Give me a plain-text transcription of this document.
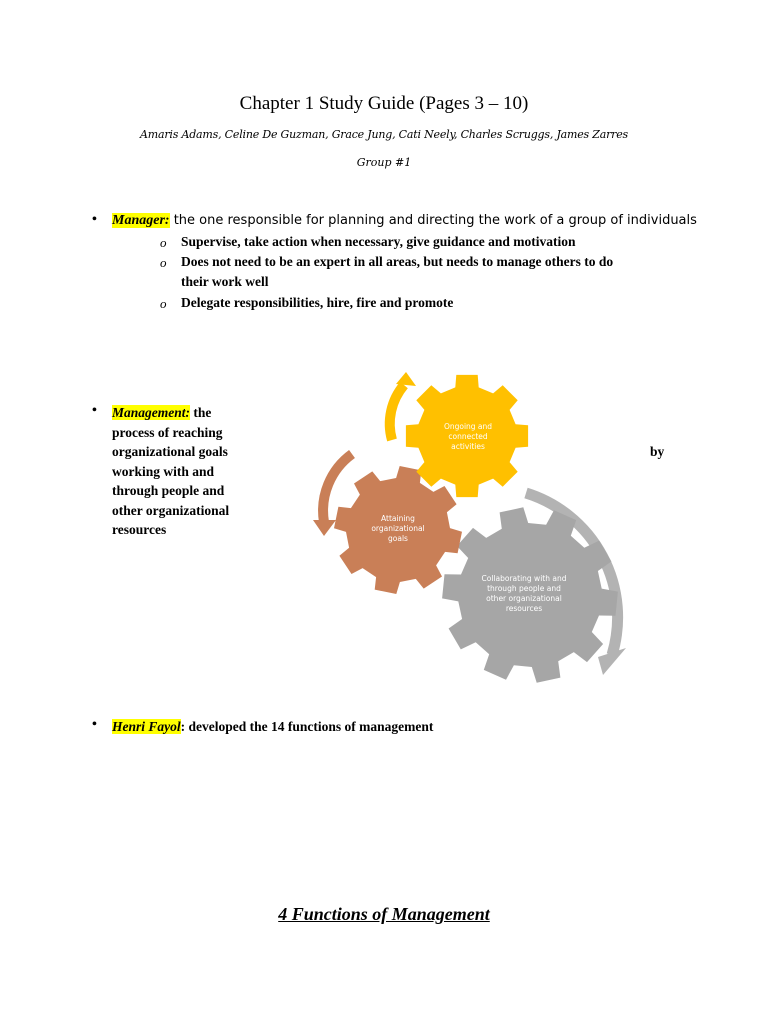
Chapter 1 Study Guide (Pages 3 – 10)
Amaris Adams, Celine De Guzman, Grace Jung, Cati Neely, Charles Scruggs, James Zarres
Group #1
• Manager: the one responsible for planning and directing the work of a group of individuals
o Supervise, take action when necessary, give guidance and motivation
o Does not need to be an expert in all areas, but needs to manage others to do
their work well
o Delegate responsibilities, hire, fire and promote
• Management: the
process of reaching
organizational goals
working with and
through people and
other organizational
resources
by
Ongoing and
connected
activities
Attaining
organizational
goals
Collaborating with and
through people and
other organizational
resources
• Henri Fayol: developed the 14 functions of management
4 Functions of Management
